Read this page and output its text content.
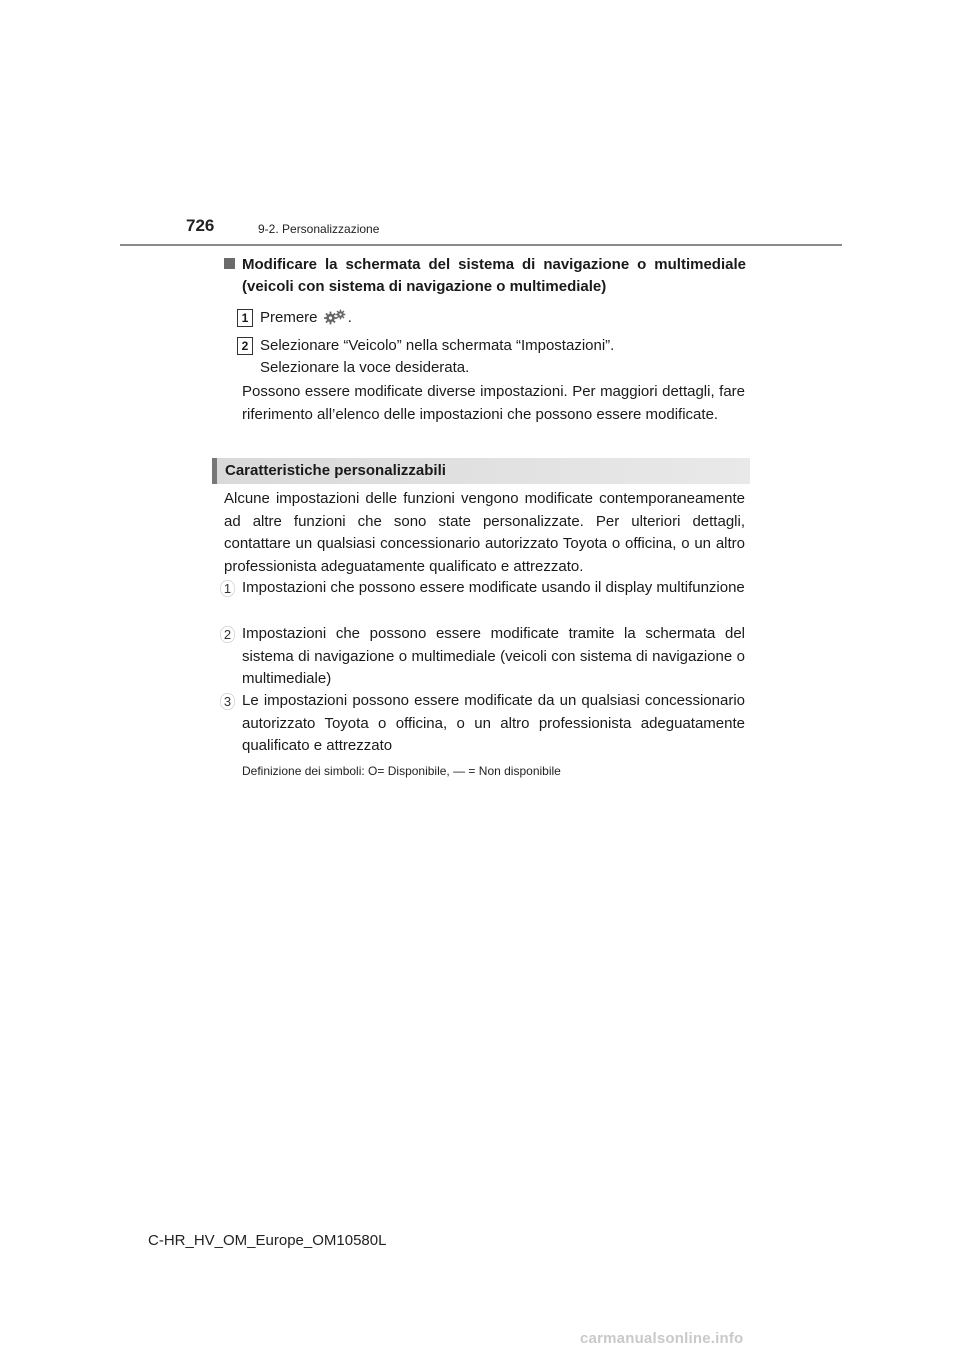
726	9-2. Personalizzazione
Modificare la schermata del sistema di navigazione o multimediale (veicoli con sistema di navigazione o multimediale)
1 Premere .
2 Selezionare “Veicolo” nella schermata “Impostazioni”.
Selezionare la voce desiderata.
Possono essere modificate diverse impostazioni. Per maggiori dettagli, fare riferimento all’elenco delle impostazioni che possono essere modificate.
Caratteristiche personalizzabili
Alcune impostazioni delle funzioni vengono modificate contemporaneamente ad altre funzioni che sono state personalizzate. Per ulteriori dettagli, contattare un qualsiasi concessionario autorizzato Toyota o officina, o un altro professionista adeguatamente qualificato e attrezzato.
1 Impostazioni che possono essere modificate usando il display multifunzione
2 Impostazioni che possono essere modificate tramite la schermata del sistema di navigazione o multimediale (veicoli con sistema di navigazione o multimediale)
3 Le impostazioni possono essere modificate da un qualsiasi concessionario autorizzato Toyota o officina, o un altro professionista adeguatamente qualificato e attrezzato
Definizione dei simboli: O= Disponibile, — = Non disponibile
C-HR_HV_OM_Europe_OM10580L
carmanualsonline.info
